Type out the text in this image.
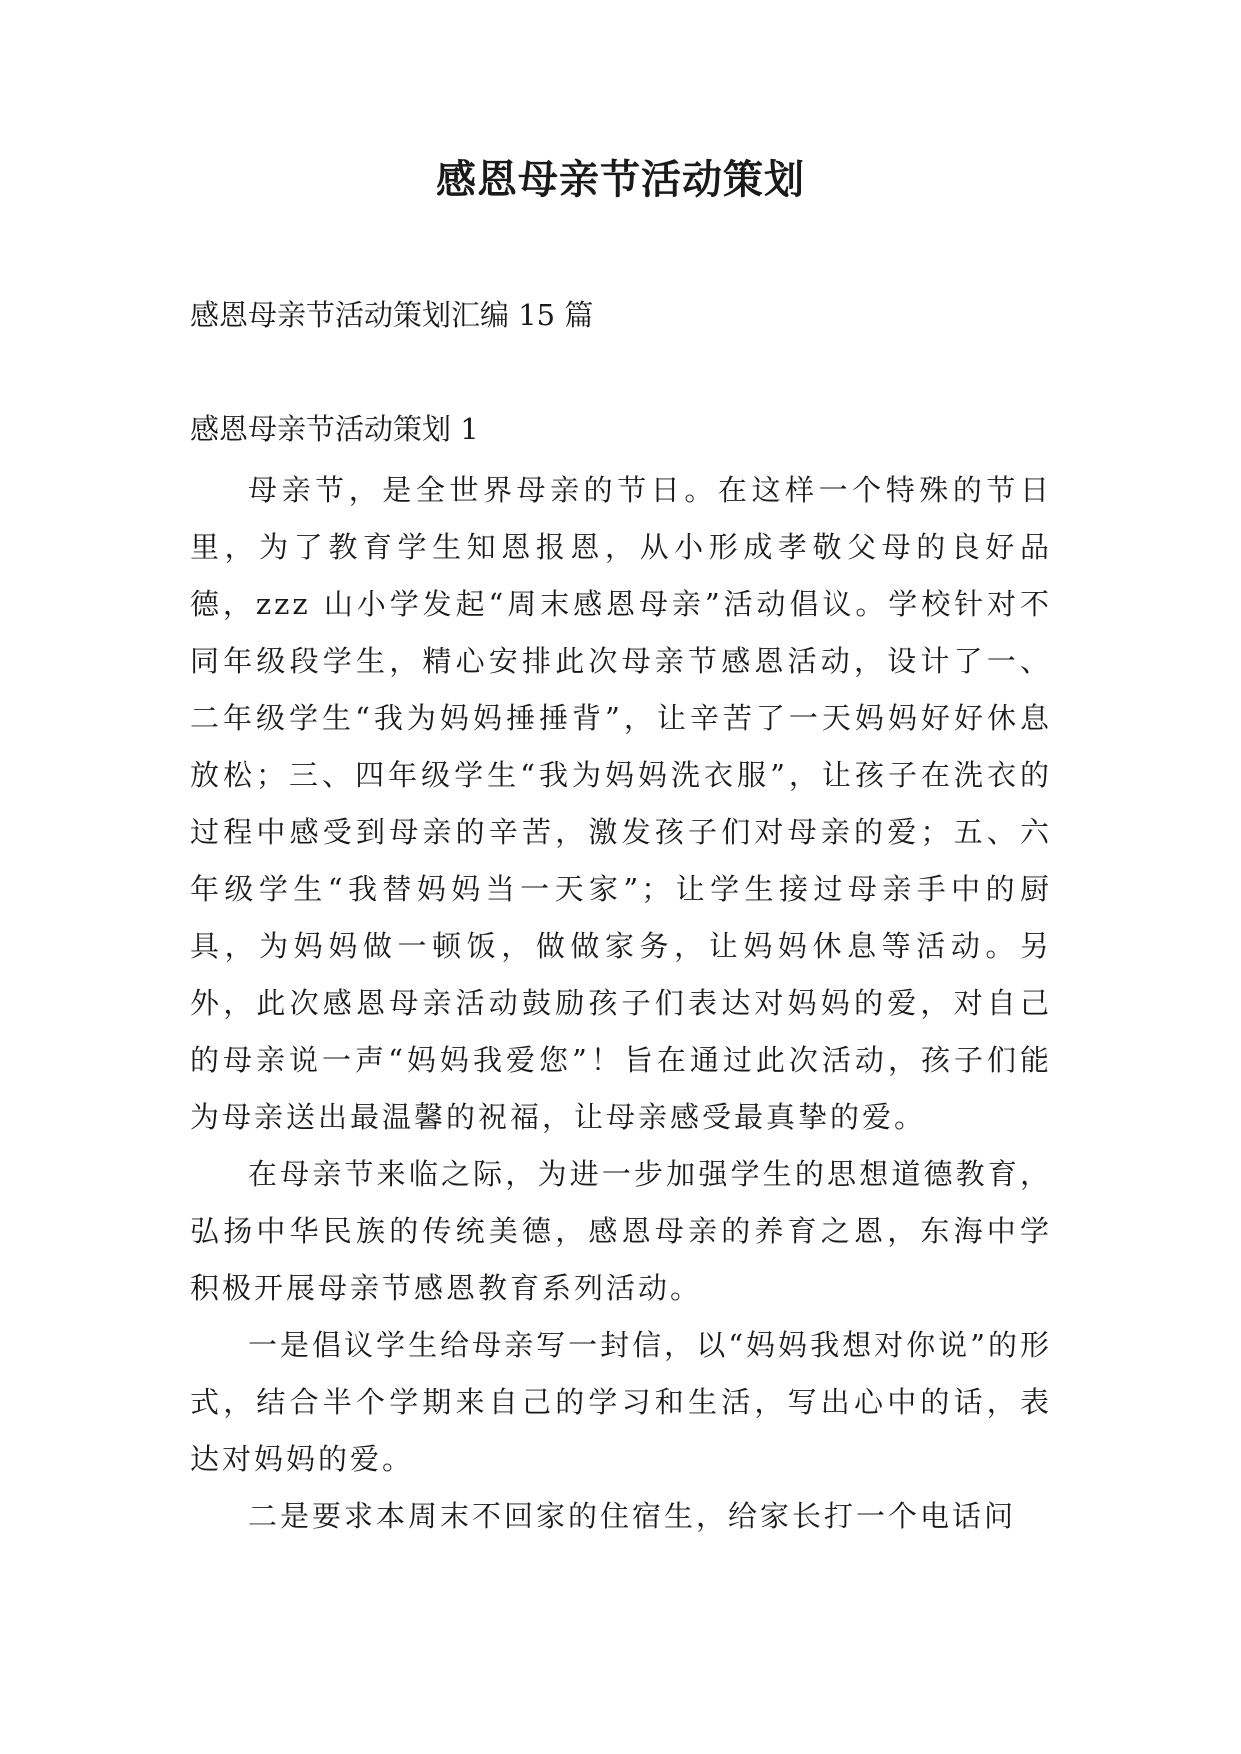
感恩母亲节活动策划
感恩母亲节活动策划汇编 15 篇
感恩母亲节活动策划 1

母亲节，是全世界母亲的节日。在这样一个特殊的节日里，为了教育学生知恩报恩，从小形成孝敬父母的良好品德，zzz 山小学发起“周末感恩母亲”活动倡议。学校针对不同年级段学生，精心安排此次母亲节感恩活动，设计了一、二年级学生“我为妈妈捶捶背”，让辛苦了一天妈妈好好休息放松；三、四年级学生“我为妈妈洗衣服”，让孩子在洗衣的过程中感受到母亲的辛苦，激发孩子们对母亲的爱；五、六年级学生“我替妈妈当一天家”；让学生接过母亲手中的厨具，为妈妈做一顿饭，做做家务，让妈妈休息等活动。另外，此次感恩母亲活动鼓励孩子们表达对妈妈的爱，对自己的母亲说一声“妈妈我爱您”！旨在通过此次活动，孩子们能为母亲送出最温馨的祝福，让母亲感受最真挚的爱。

在母亲节来临之际，为进一步加强学生的思想道德教育，弘扬中华民族的传统美德，感恩母亲的养育之恩，东海中学积极开展母亲节感恩教育系列活动。

一是倡议学生给母亲写一封信，以“妈妈我想对你说”的形式，结合半个学期来自己的学习和生活，写出心中的话，表达对妈妈的爱。

二是要求本周末不回家的住宿生，给家长打一个电话问
